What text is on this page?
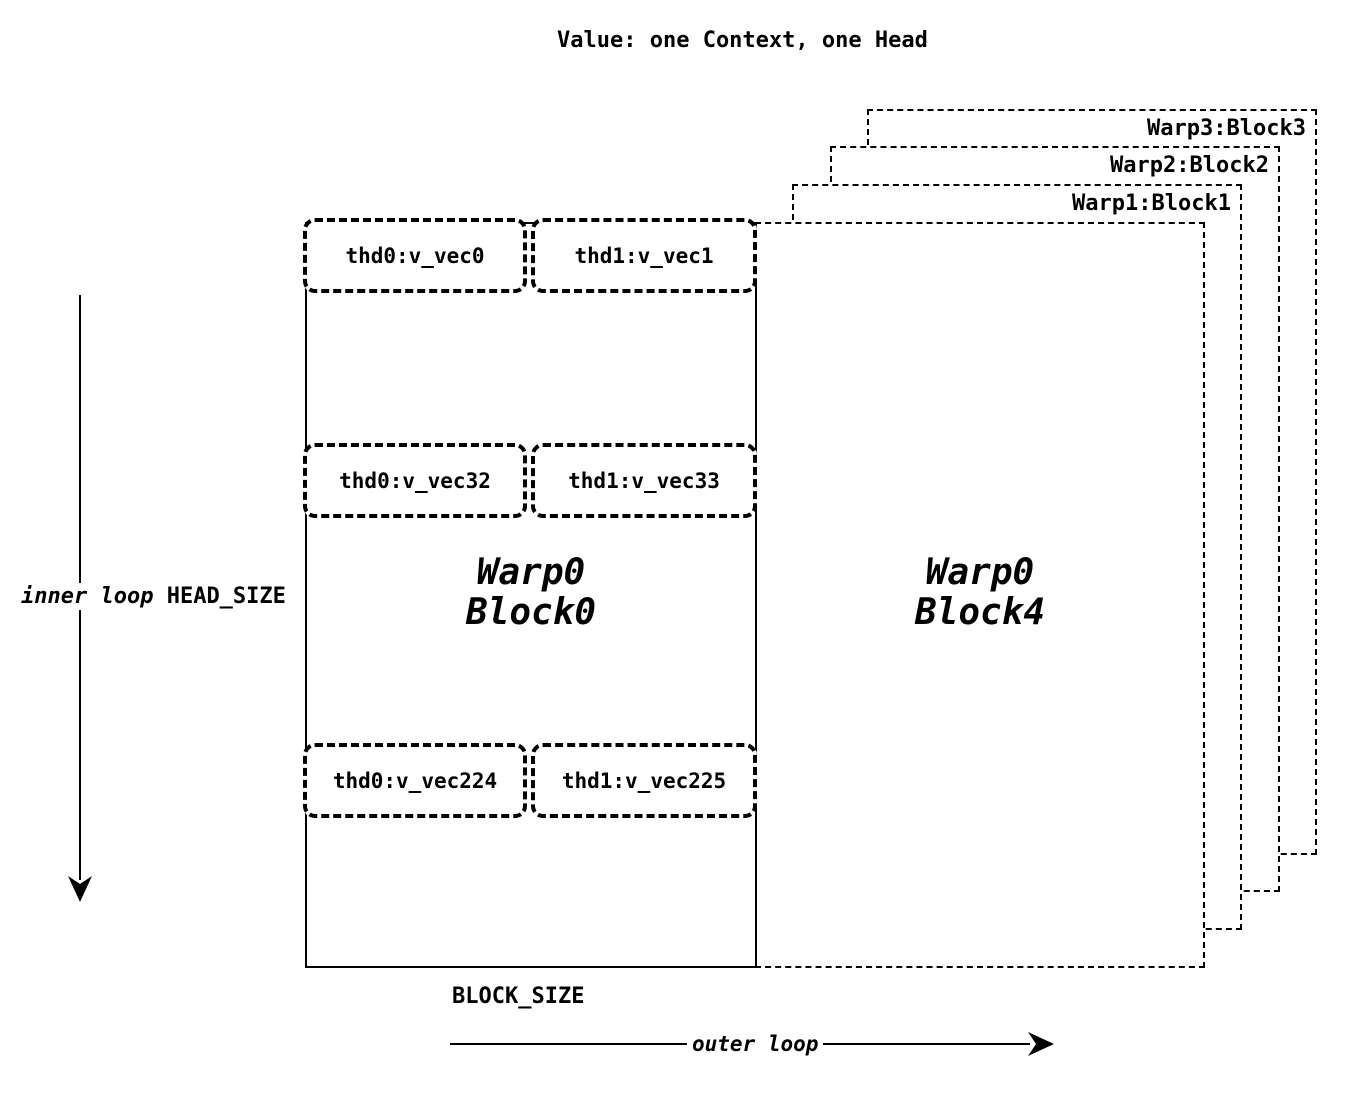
Value: one Context, one Head
Warp3:Block3
Warp2:Block2
Warp1:Block1
Warp0
Block4
Warp0
Block0
thd0:v_vec0	thd1:v_vec1
thd0:v_vec32	thd1:v_vec33
thd0:v_vec224	thd1:v_vec225
inner loop HEAD_SIZE
BLOCK_SIZE
outer loop
